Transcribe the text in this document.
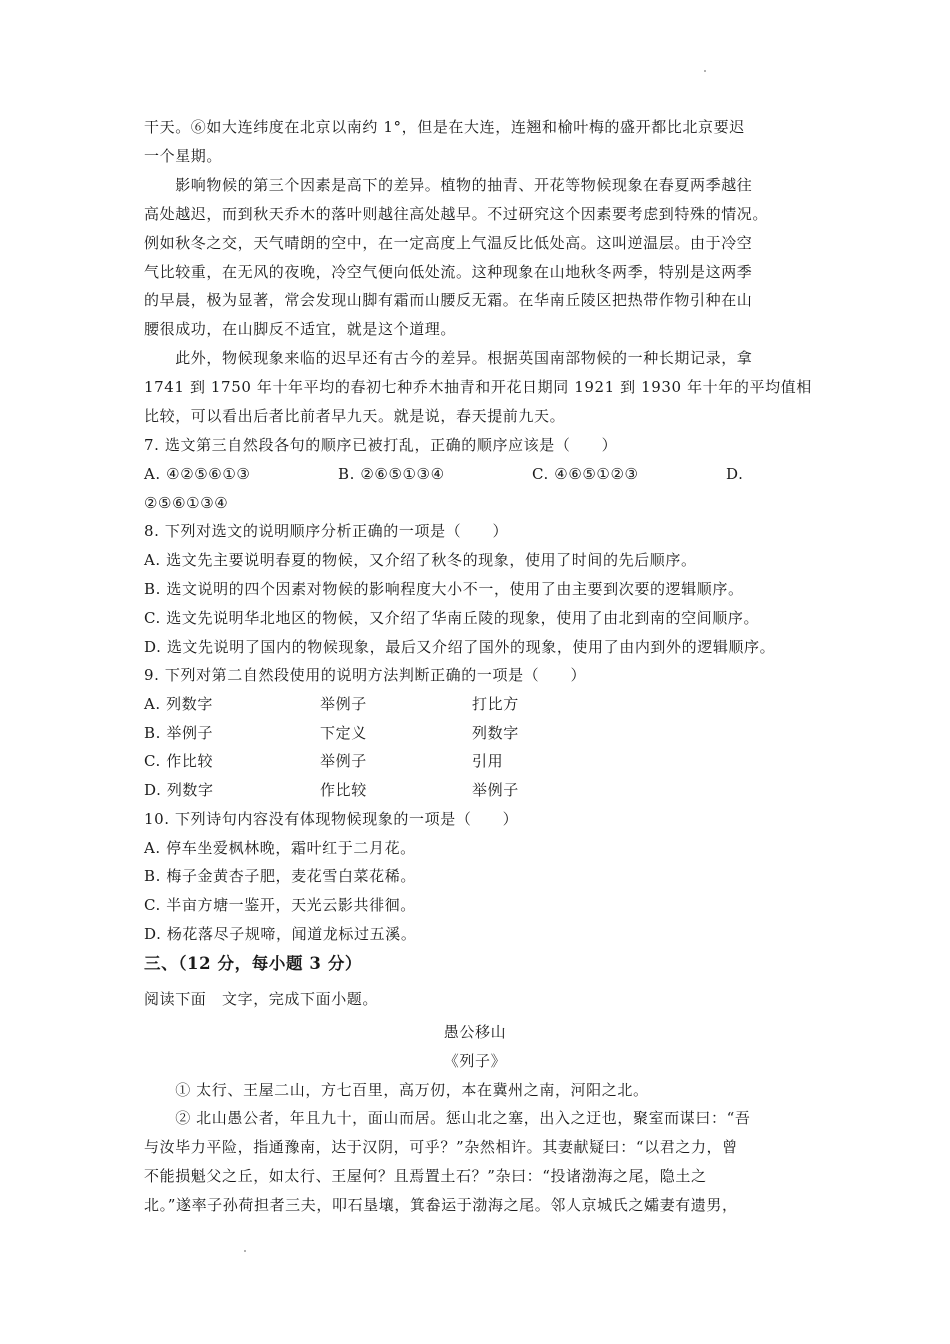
干天。⑥如大连纬度在北京以南约 1°，但是在大连，连翘和榆叶梅的盛开都比北京要迟
一个星期。
　　影响物候的第三个因素是高下的差异。植物的抽青、开花等物候现象在春夏两季越往
高处越迟，而到秋天乔木的落叶则越往高处越早。不过研究这个因素要考虑到特殊的情况。
例如秋冬之交，天气晴朗的空中，在一定高度上气温反比低处高。这叫逆温层。由于冷空
气比较重，在无风的夜晚，冷空气便向低处流。这种现象在山地秋冬两季，特别是这两季
的早晨，极为显著，常会发现山脚有霜而山腰反无霜。在华南丘陵区把热带作物引种在山
腰很成功，在山脚反不适宜，就是这个道理。
　　此外，物候现象来临的迟早还有古今的差异。根据英国南部物候的一种长期记录，拿
1741 到 1750 年十年平均的春初七种乔木抽青和开花日期同 1921 到 1930 年十年的平均值相
比较，可以看出后者比前者早九天。就是说，春天提前九天。
7. 选文第三自然段各句的顺序已被打乱，正确的顺序应该是（　　）
A. ④②⑤⑥①③	B. ②⑥⑤①③④	C. ④⑥⑤①②③	D.
②⑤⑥①③④
8. 下列对选文的说明顺序分析正确的一项是（　　）
A. 选文先主要说明春夏的物候，又介绍了秋冬的现象，使用了时间的先后顺序。
B. 选文说明的四个因素对物候的影响程度大小不一，使用了由主要到次要的逻辑顺序。
C. 选文先说明华北地区的物候，又介绍了华南丘陵的现象，使用了由北到南的空间顺序。
D. 选文先说明了国内的物候现象，最后又介绍了国外的现象，使用了由内到外的逻辑顺序。
9. 下列对第二自然段使用的说明方法判断正确的一项是（　　）
A. 列数字	举例子	打比方
B. 举例子	下定义	列数字
C. 作比较	举例子	引用
D. 列数字	作比较	举例子
10. 下列诗句内容没有体现物候现象的一项是（　　）
A. 停车坐爱枫林晚，霜叶红于二月花。
B. 梅子金黄杏子肥，麦花雪白菜花稀。
C. 半亩方塘一鉴开，天光云影共徘徊。
D. 杨花落尽子规啼，闻道龙标过五溪。
三、（12 分，每小题 3 分）
阅读下面　文字，完成下面小题。
愚公移山
《列子》
　　① 太行、王屋二山，方七百里，高万仞，本在冀州之南，河阳之北。
　　② 北山愚公者，年且九十，面山而居。惩山北之塞，出入之迂也，聚室而谋曰：“吾
与汝毕力平险，指通豫南，达于汉阴，可乎？”杂然相许。其妻献疑曰：“以君之力，曾
不能损魁父之丘，如太行、王屋何？且焉置土石？”杂曰：“投诸渤海之尾，隐土之
北。”遂率子孙荷担者三夫，叩石垦壤，箕畚运于渤海之尾。邻人京城氏之孀妻有遗男，
